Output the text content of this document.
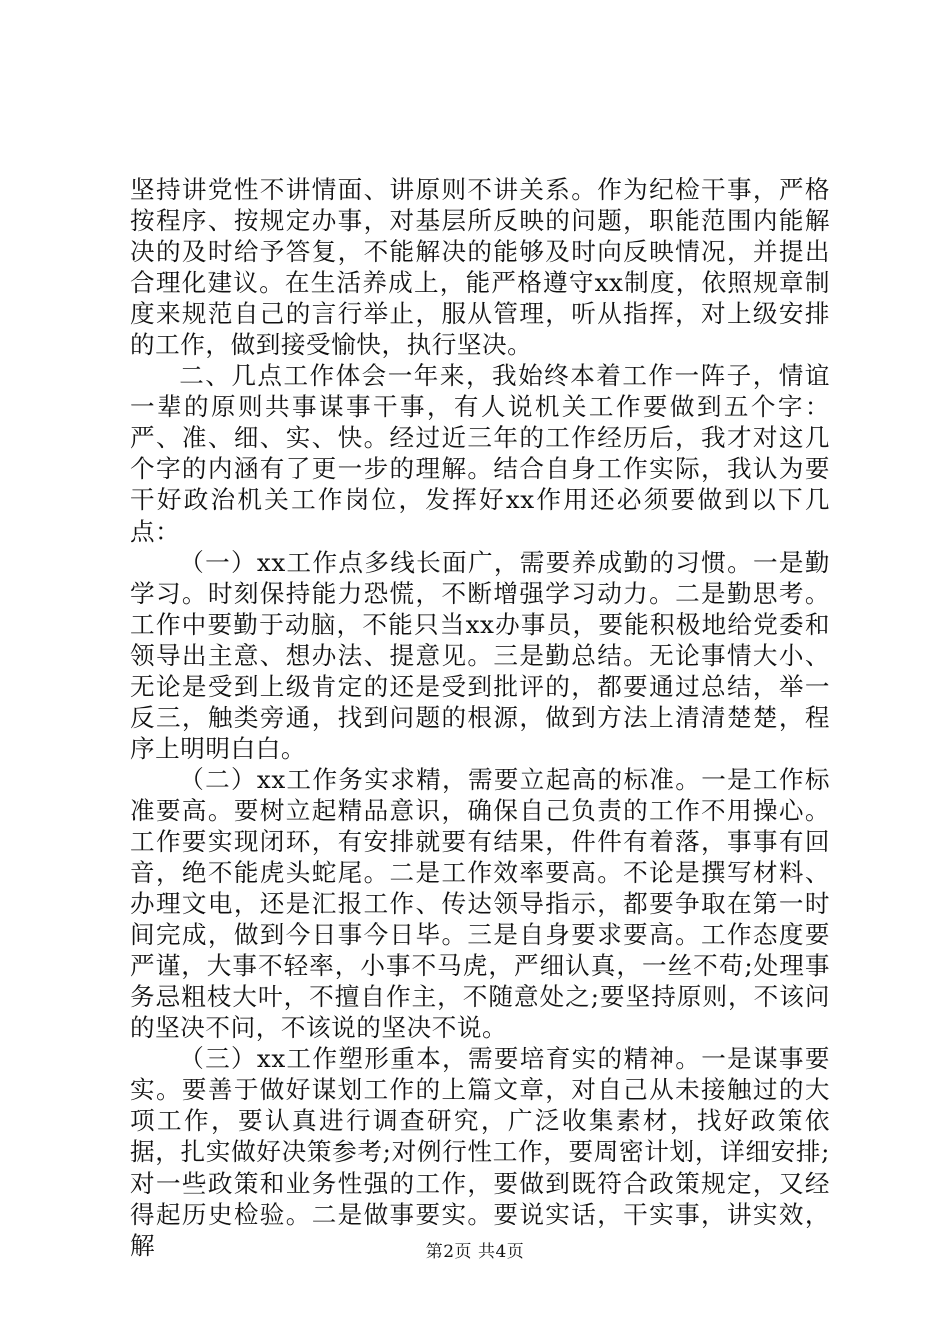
坚持讲党性不讲情面、讲原则不讲关系。作为纪检干事，严格按程序、按规定办事，对基层所反映的问题，职能范围内能解决的及时给予答复，不能解决的能够及时向反映情况，并提出合理化建议。在生活养成上，能严格遵守xx制度，依照规章制度来规范自己的言行举止，服从管理，听从指挥，对上级安排的工作，做到接受愉快，执行坚决。

二、几点工作体会一年来，我始终本着工作一阵子，情谊一辈的原则共事谋事干事，有人说机关工作要做到五个字：严、准、细、实、快。经过近三年的工作经历后，我才对这几个字的内涵有了更一步的理解。结合自身工作实际，我认为要干好政治机关工作岗位，发挥好xx作用还必须要做到以下几点：

（一）xx工作点多线长面广，需要养成勤的习惯。一是勤学习。时刻保持能力恐慌，不断增强学习动力。二是勤思考。工作中要勤于动脑，不能只当xx办事员，要能积极地给党委和领导出主意、想办法、提意见。三是勤总结。无论事情大小、无论是受到上级肯定的还是受到批评的，都要通过总结，举一反三，触类旁通，找到问题的根源，做到方法上清清楚楚，程序上明明白白。

（二）xx工作务实求精，需要立起高的标准。一是工作标准要高。要树立起精品意识，确保自己负责的工作不用操心。工作要实现闭环，有安排就要有结果，件件有着落，事事有回音，绝不能虎头蛇尾。二是工作效率要高。不论是撰写材料、办理文电，还是汇报工作、传达领导指示，都要争取在第一时间完成，做到今日事今日毕。三是自身要求要高。工作态度要严谨，大事不轻率，小事不马虎，严细认真，一丝不苟;处理事务忌粗枝大叶，不擅自作主，不随意处之;要坚持原则，不该问的坚决不问，不该说的坚决不说。

（三）xx工作塑形重本，需要培育实的精神。一是谋事要实。要善于做好谋划工作的上篇文章，对自己从未接触过的大项工作，要认真进行调查研究，广泛收集素材，找好政策依据，扎实做好决策参考;对例行性工作，要周密计划，详细安排;对一些政策和业务性强的工作，要做到既符合政策规定，又经得起历史检验。二是做事要实。要说实话，干实事，讲实效，解	第2页 共4页
